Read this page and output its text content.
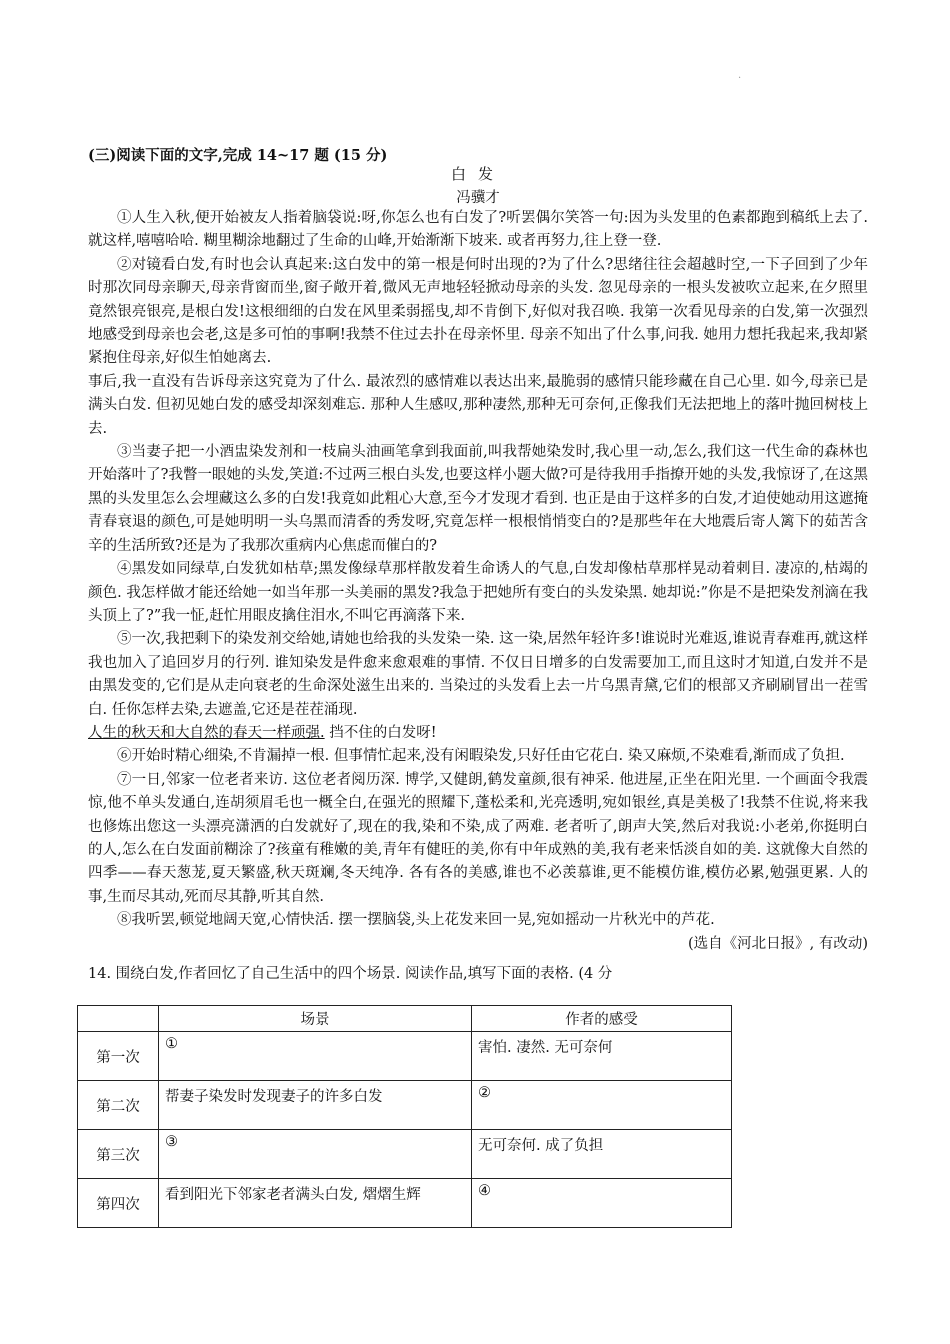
.
(三)阅读下面的文字,完成 14~17 题 (15 分)
白发
冯骥才

①人生入秋,便开始被友人指着脑袋说:呀,你怎么也有白发了?听罢偶尔笑答一句:因为头发里的色素都跑到稿纸上去了. 就这样,嘻嘻哈哈. 糊里糊涂地翻过了生命的山峰,开始渐渐下坡来. 或者再努力,往上登一登.

②对镜看白发,有时也会认真起来:这白发中的第一根是何时出现的?为了什么?思绪往往会超越时空,一下子回到了少年时那次同母亲聊天,母亲背窗而坐,窗子敞开着,微风无声地轻轻掀动母亲的头发. 忽见母亲的一根头发被吹立起来,在夕照里竟然银亮银亮,是根白发!这根细细的白发在风里柔弱摇曳,却不肯倒下,好似对我召唤. 我第一次看见母亲的白发,第一次强烈地感受到母亲也会老,这是多可怕的事啊!我禁不住过去扑在母亲怀里. 母亲不知出了什么事,问我. 她用力想托我起来,我却紧紧抱住母亲,好似生怕她离去.

事后,我一直没有告诉母亲这究竟为了什么. 最浓烈的感情难以表达出来,最脆弱的感情只能珍藏在自己心里. 如今,母亲已是满头白发. 但初见她白发的感受却深刻难忘. 那种人生感叹,那种凄然,那种无可奈何,正像我们无法把地上的落叶抛回树枝上去.

③当妻子把一小酒盅染发剂和一枝扁头油画笔拿到我面前,叫我帮她染发时,我心里一动,怎么,我们这一代生命的森林也开始落叶了?我瞥一眼她的头发,笑道:不过两三根白头发,也要这样小题大做?可是待我用手指撩开她的头发,我惊讶了,在这黑黑的头发里怎么会埋藏这么多的白发!我竟如此粗心大意,至今才发现才看到. 也正是由于这样多的白发,才迫使她动用这遮掩青春衰退的颜色,可是她明明一头乌黑而清香的秀发呀,究竟怎样一根根悄悄变白的?是那些年在大地震后寄人篱下的茹苦含辛的生活所致?还是为了我那次重病内心焦虑而催白的?

④黑发如同绿草,白发犹如枯草;黑发像绿草那样散发着生命诱人的气息,白发却像枯草那样晃动着刺目. 凄凉的,枯竭的颜色. 我怎样做才能还给她一如当年那一头美丽的黑发?我急于把她所有变白的头发染黑. 她却说:”你是不是把染发剂滴在我头顶上了?”我一怔,赶忙用眼皮擒住泪水,不叫它再滴落下来.

⑤一次,我把剩下的染发剂交给她,请她也给我的头发染一染. 这一染,居然年轻许多!谁说时光难返,谁说青春难再,就这样我也加入了追回岁月的行列. 谁知染发是件愈来愈艰难的事情. 不仅日日增多的白发需要加工,而且这时才知道,白发并不是由黑发变的,它们是从走向衰老的生命深处滋生出来的. 当染过的头发看上去一片乌黑青黛,它们的根部又齐刷刷冒出一茬雪白. 任你怎样去染,去遮盖,它还是茬茬涌现.
人生的秋天和大自然的春天一样顽强. 挡不住的白发呀!

⑥开始时精心细染,不肯漏掉一根. 但事情忙起来,没有闲暇染发,只好任由它花白. 染又麻烦,不染难看,渐而成了负担.

⑦一日,邻家一位老者来访. 这位老者阅历深. 博学,又健朗,鹤发童颜,很有神采. 他进屋,正坐在阳光里. 一个画面令我震惊,他不单头发通白,连胡须眉毛也一概全白,在强光的照耀下,蓬松柔和,光亮透明,宛如银丝,真是美极了!我禁不住说,将来我也修炼出您这一头漂亮潇洒的白发就好了,现在的我,染和不染,成了两难. 老者听了,朗声大笑,然后对我说:小老弟,你挺明白的人,怎么在白发面前糊涂了?孩童有稚嫩的美,青年有健旺的美,你有中年成熟的美,我有老来恬淡自如的美. 这就像大自然的四季——春天葱茏,夏天繁盛,秋天斑斓,冬天纯净. 各有各的美感,谁也不必羡慕谁,更不能模仿谁,模仿必累,勉强更累. 人的事,生而尽其动,死而尽其静,听其自然.

⑧我听罢,顿觉地阔天宽,心情快活. 摆一摆脑袋,头上花发来回一晃,宛如摇动一片秋光中的芦花.

(选自《河北日报》, 有改动)

14. 围绕白发,作者回忆了自己生活中的四个场景. 阅读作品,填写下面的表格. (4 分
	场景	作者的感受
第一次	①	害怕. 凄然. 无可奈何
第二次	帮妻子染发时发现妻子的许多白发	②
第三次	③	无可奈何. 成了负担
第四次	看到阳光下邻家老者满头白发, 熠熠生辉	④
